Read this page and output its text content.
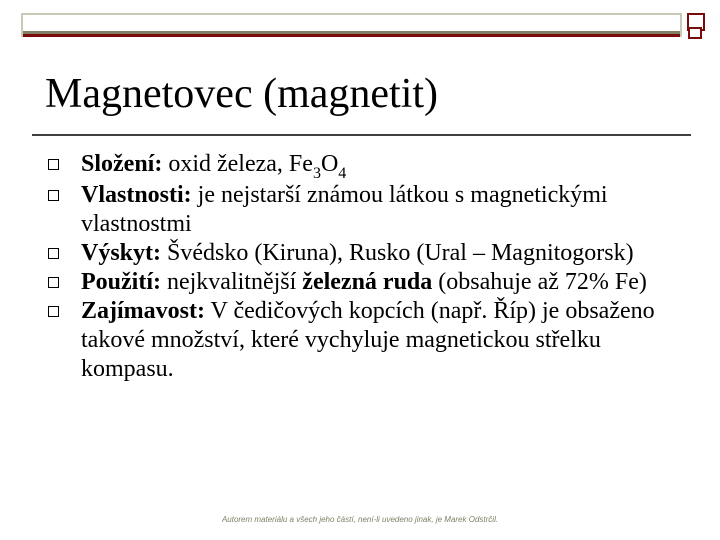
Magnetovec (magnetit)
Složení: oxid železa, $Fe_3O_4$
Vlastnosti: je nejstarší známou látkou s magnetickými vlastnostmi
Výskyt: Švédsko (Kiruna), Rusko (Ural – Magnitogorsk)
Použití: nejkvalitnější železná ruda (obsahuje až 72% Fe)
Zajímavost: V čedičových kopcích (např. Říp) je obsaženo takové množství, které vychyluje magnetickou střelku kompasu.
Autorem materiálu a všech jeho částí, není-li uvedeno jinak, je Marek Odstrčil.
